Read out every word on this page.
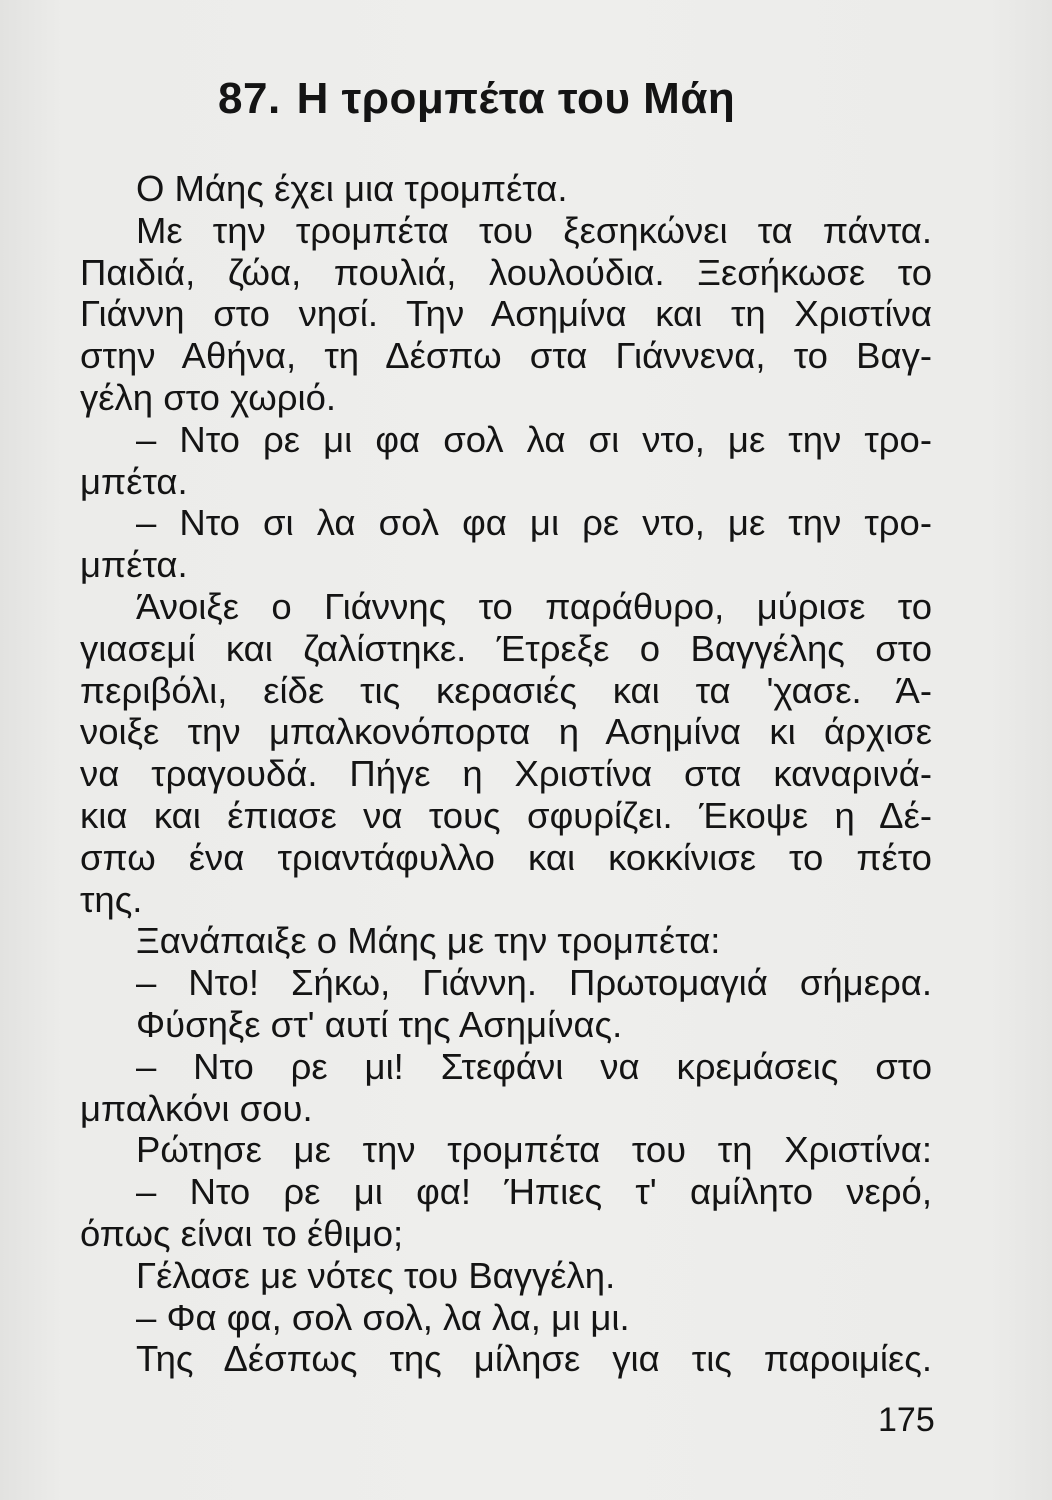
87. Η τρομπέτα του Μάη
Ο Μάης έχει μια τρομπέτα.
Με την τρομπέτα του ξεσηκώνει τα πάντα.
Παιδιά, ζώα, πουλιά, λουλούδια. Ξεσήκωσε το
Γιάννη στο νησί. Την Ασημίνα και τη Χριστίνα
στην Αθήνα, τη Δέσπω στα Γιάννενα, το Βαγ-
γέλη στο χωριό.
– Ντο ρε μι φα σολ λα σι ντο, με την τρο-
μπέτα.
– Ντο σι λα σολ φα μι ρε ντο, με την τρο-
μπέτα.
Άνοιξε ο Γιάννης το παράθυρο, μύρισε το
γιασεμί και ζαλίστηκε. Έτρεξε ο Βαγγέλης στο
περιβόλι, είδε τις κερασιές και τα 'χασε. Ά-
νοιξε την μπαλκονόπορτα η Ασημίνα κι άρχισε
να τραγουδά. Πήγε η Χριστίνα στα καναρινά-
κια και έπιασε να τους σφυρίζει. Έκοψε η Δέ-
σπω ένα τριαντάφυλλο και κοκκίνισε το πέτο
της.
Ξανάπαιξε ο Μάης με την τρομπέτα:
– Ντο! Σήκω, Γιάννη. Πρωτομαγιά σήμερα.
Φύσηξε στ' αυτί της Ασημίνας.
– Ντο ρε μι! Στεφάνι να κρεμάσεις στο
μπαλκόνι σου.
Ρώτησε με την τρομπέτα του τη Χριστίνα:
– Ντο ρε μι φα! Ήπιες τ' αμίλητο νερό,
όπως είναι το έθιμο;
Γέλασε με νότες του Βαγγέλη.
– Φα φα, σολ σολ, λα λα, μι μι.
Της Δέσπως της μίλησε για τις παροιμίες.
175
